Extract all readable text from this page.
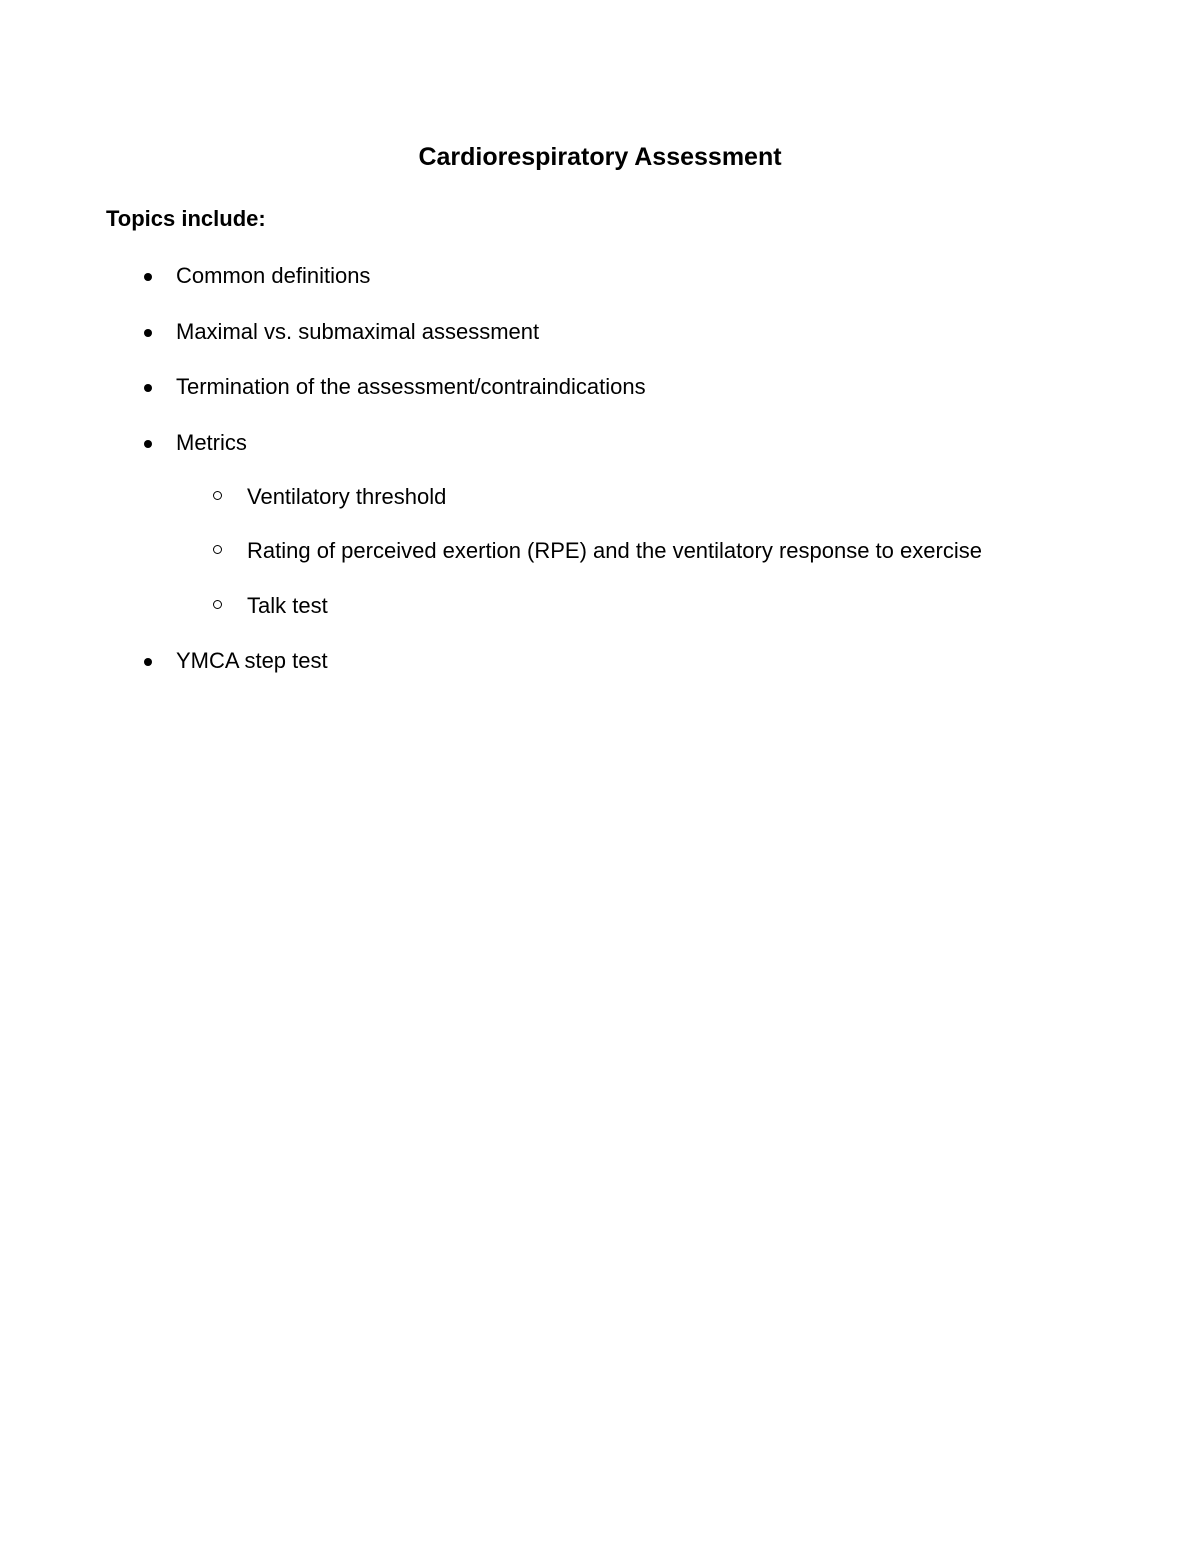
Cardiorespiratory Assessment

Topics include:

Common definitions
Maximal vs. submaximal assessment
Termination of the assessment/contraindications
Metrics
Ventilatory threshold
Rating of perceived exertion (RPE) and the ventilatory response to exercise
Talk test
YMCA step test
